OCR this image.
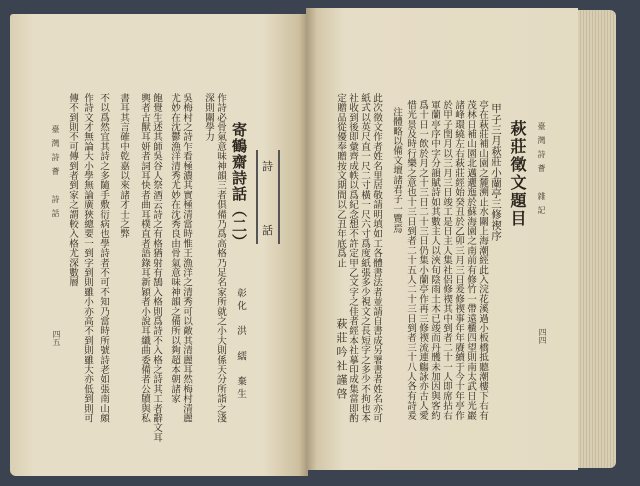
詩
話
寄鶴齋詩話（二）
彰化　洪　繻　棄生
臺灣詩薈　詩話
四五	作詩必骨氣意味神韻三者俱備乃爲高格乃足名家所就之小大則係天分所詣之淺
深則關學力
吳梅村之詩乍看極濃其實極清當時惟王漁洋之清秀可以敵其清麗耳然梅村清麗
尤妙在沈鬱漁洋清秀尤妙在沈秀良由骨氣意味神韻之備所以夠超本朝諸家
飽覺生述其師吳谷人祭酒云詩之有格猶射有鵠入格則爲詩不入格之詩其工者辭文耳
輿者古獸耳妍者詞耳快者曲耳樸直者語錄耳新穎者小說耳纖曲委備者公牘與私
書耳其言確中乾嘉以來諸才士之弊
不以爲然宜其詩之多隨手敷衍病也學詩者不可不知乃當時所號詩老如張南山頗
作詩文才無論大小學無論廣狹總要一到字到則雖小亦高不到則雖大亦低到則可
傳不到則不可傳到者到家之謂較入格尤深數層	臺灣詩薈　雜記
四四
萩莊徵文題目
甲子三月萩莊小蘭亭三修禊序
亭在萩莊補山園之麓溯止水關上海潮經此入浣花溪過小板橋抵聽潮樓下右有
茂林日補山園北邁邐迤於蘇海園之南前有修竹一帶遠櫃四望則南太武日光巖
諸峰環繞左右萩莊經始癸丑於乙卯三月三日爰修禊事年年賡續于今十年亭作
於甲子閏月以三月三日竣工是日主人集社侶修禊其中到者二十一人即席拈右
軍蘭亭序中字分韻賦詩如其數主人以浹旬陰雨土木已竣而丹雘未加因與客約
爲十日一飲於月之十三日二十三日仍集小蘭亭作再三修禊流連觴詠亦古人愛
惜光景及時行樂之意也十三日到者二十五人二十三日到者三十八人各有詩爰
注體略以備文壇諸君子一覽焉
此次徵文作者姓名里居敬請明填如工各體書法者並請自書成另署書者姓名亦可
紙式以英尺直一尺二寸橫一尺六寸爲度紙張多少視文之長短字之多少不拘也本
社收到後即彙齊成帙以爲紀念想不許定甲乙文字之佳者經本社摹印成集當即酌
定贈品從優奉贈按文期間以乙丑年底爲止
萩莊吟社謹啓
